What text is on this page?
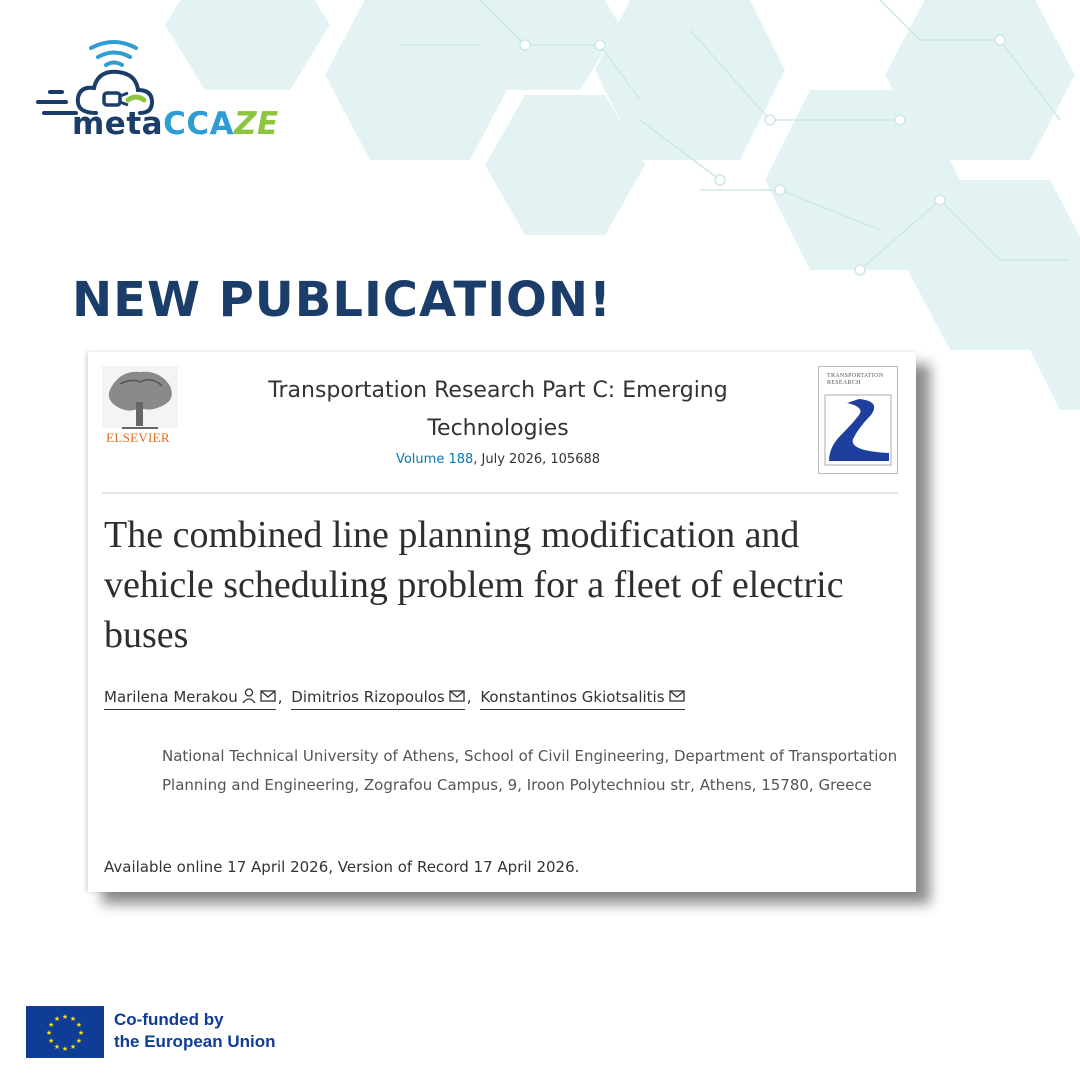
metaCCAZE
NEW PUBLICATION!
ELSEVIER
Transportation Research Part C: Emerging Technologies
Volume 188, July 2026, 105688
TRANSPORTATION RESEARCH
The combined line planning modification and vehicle scheduling problem for a fleet of electric buses
Marilena Merakou	, Dimitrios Rizopoulos , Konstantinos Gkiotsalitis
National Technical University of Athens, School of Civil Engineering, Department of Transportation Planning and Engineering, Zografou Campus, 9, Iroon Polytechniou str, Athens, 15780, Greece
Available online 17 April 2026, Version of Record 17 April 2026.
★
★
★
★
★
★
★
★
★ ★ ★
★ Co-funded by
the European Union
